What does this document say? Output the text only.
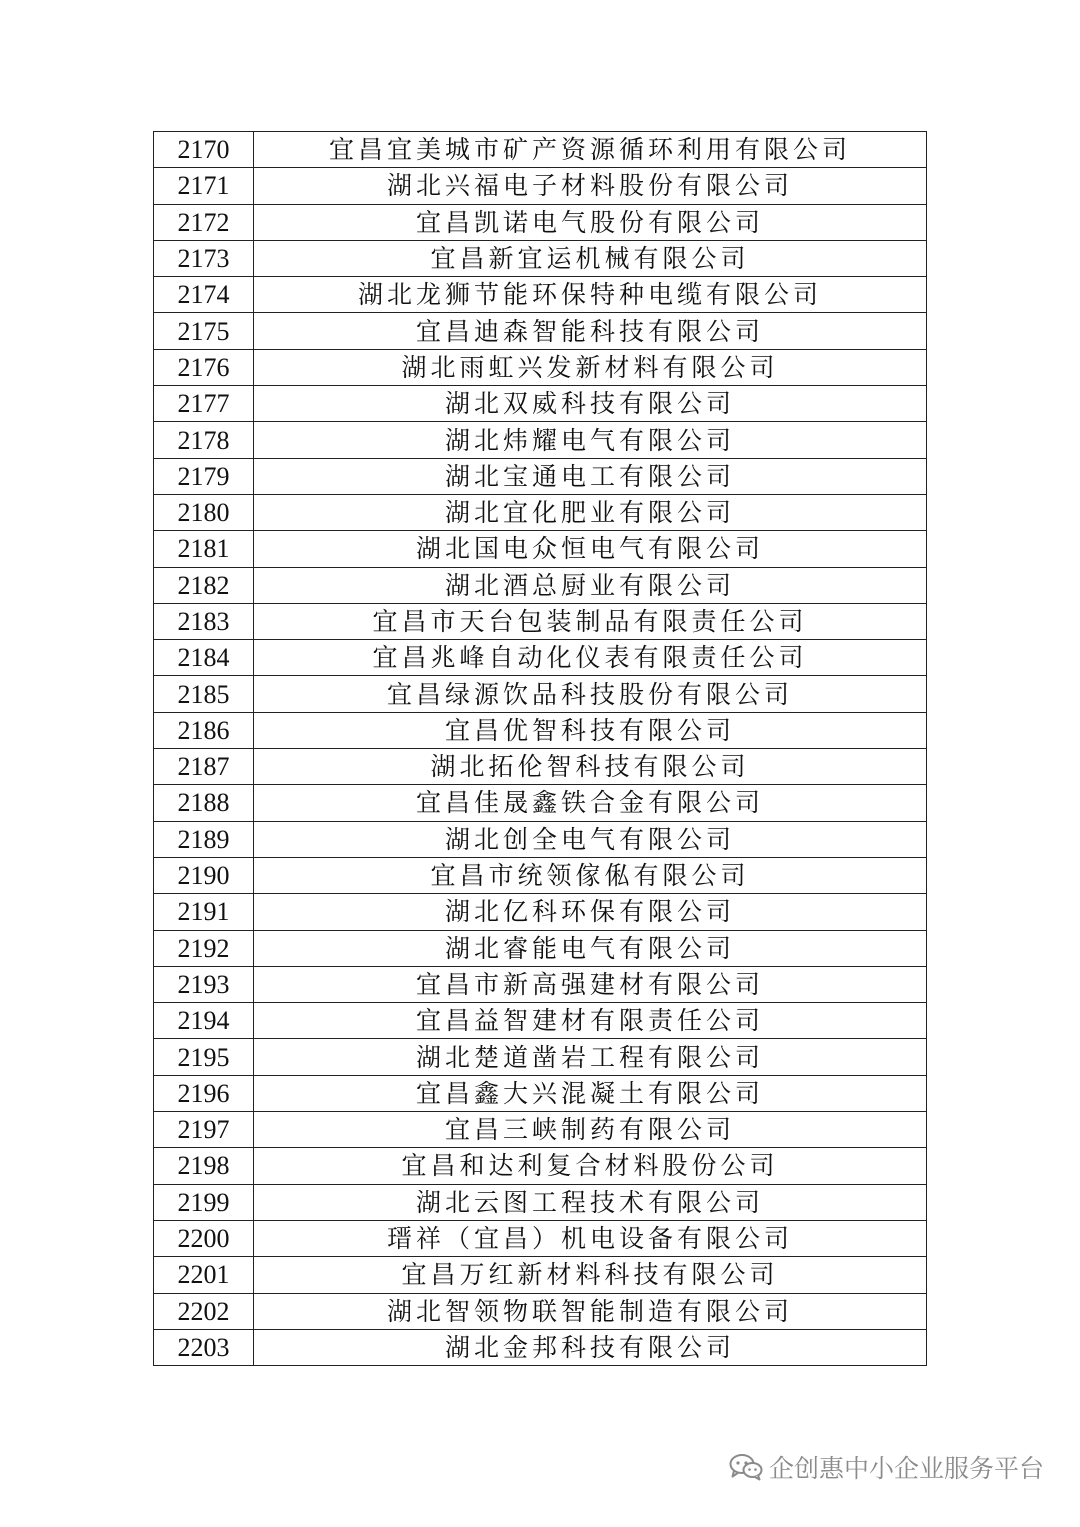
2170	宜昌宜美城市矿产资源循环利用有限公司
2171	湖北兴福电子材料股份有限公司
2172	宜昌凯诺电气股份有限公司
2173	宜昌新宜运机械有限公司
2174	湖北龙狮节能环保特种电缆有限公司
2175	宜昌迪森智能科技有限公司
2176	湖北雨虹兴发新材料有限公司
2177	湖北双威科技有限公司
2178	湖北炜耀电气有限公司
2179	湖北宝通电工有限公司
2180	湖北宜化肥业有限公司
2181	湖北国电众恒电气有限公司
2182	湖北酒总厨业有限公司
2183	宜昌市天台包装制品有限责任公司
2184	宜昌兆峰自动化仪表有限责任公司
2185	宜昌绿源饮品科技股份有限公司
2186	宜昌优智科技有限公司
2187	湖北拓伦智科技有限公司
2188	宜昌佳晟鑫铁合金有限公司
2189	湖北创全电气有限公司
2190	宜昌市统领傢俬有限公司
2191	湖北亿科环保有限公司
2192	湖北睿能电气有限公司
2193	宜昌市新高强建材有限公司
2194	宜昌益智建材有限责任公司
2195	湖北楚道凿岩工程有限公司
2196	宜昌鑫大兴混凝土有限公司
2197	宜昌三峡制药有限公司
2198	宜昌和达利复合材料股份公司
2199	湖北云图工程技术有限公司
2200	瑨祥（宜昌）机电设备有限公司
2201	宜昌万红新材料科技有限公司
2202	湖北智领物联智能制造有限公司
2203	湖北金邦科技有限公司
企创惠中小企业服务平台
